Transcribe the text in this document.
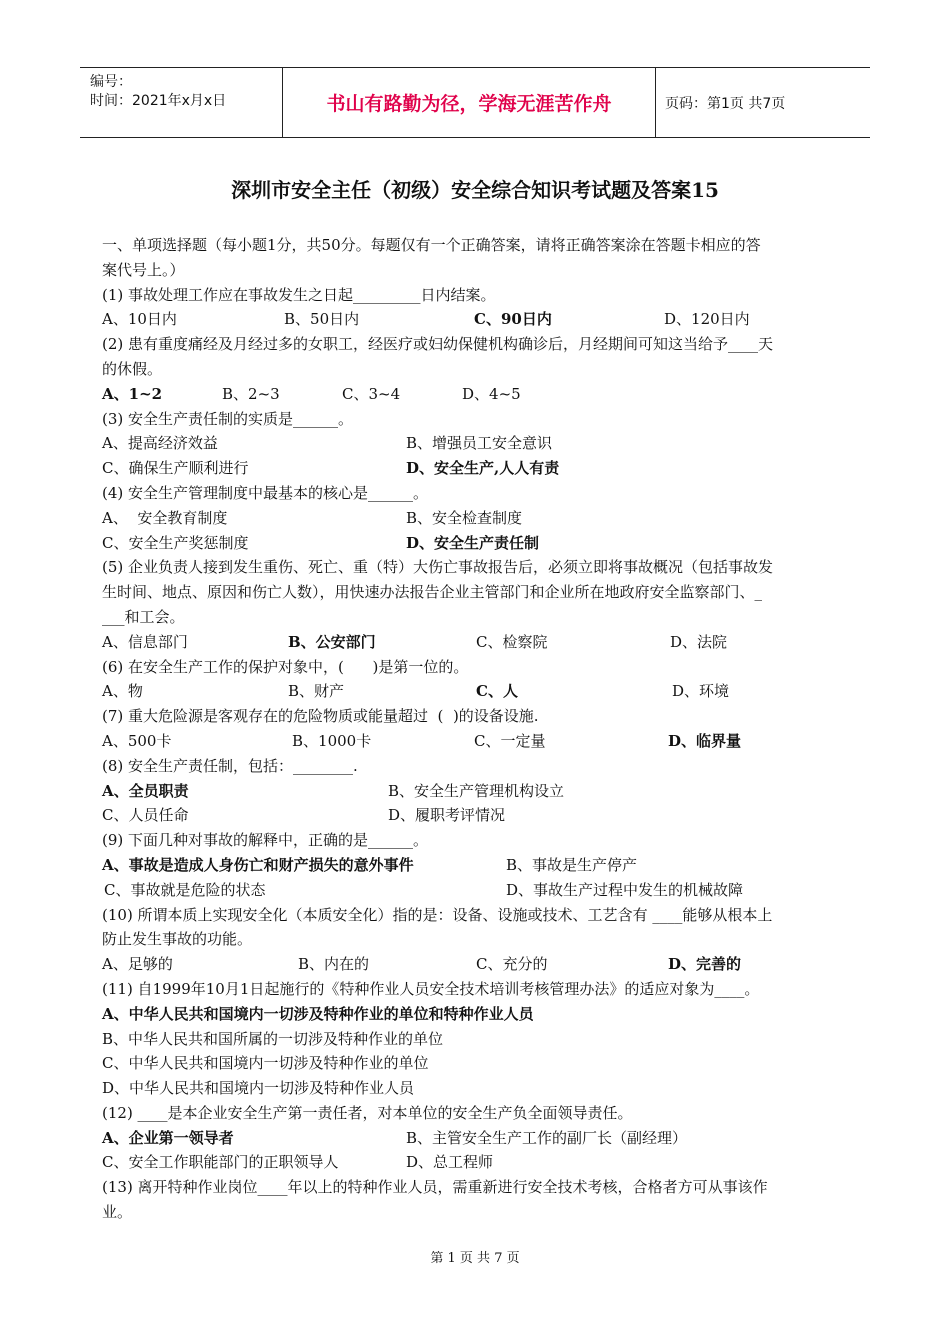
编号：
时间：2021年x月x日	书山有路勤为径，学海无涯苦作舟	页码：第1页 共7页
深圳市安全主任（初级）安全综合知识考试题及答案15
一、单项选择题（每小题1分，共50分。每题仅有一个正确答案，请将正确答案涂在答题卡相应的答
案代号上。）
(1) 事故处理工作应在事故发生之日起_________日内结案。
A、10日内	B、50日内	C、90日内	D、120日内
(2) 患有重度痛经及月经过多的女职工，经医疗或妇幼保健机构确诊后，月经期间可知这当给予____天
的休假。
A、1~2	B、2~3	C、3~4	D、4~5
(3) 安全生产责任制的实质是______。
A、提高经济效益	B、增强员工安全意识
C、确保生产顺利进行	D、安全生产,人人有责
(4) 安全生产管理制度中最基本的核心是______。
A、  安全教育制度	B、安全检查制度
C、安全生产奖惩制度	D、安全生产责任制
(5) 企业负责人接到发生重伤、死亡、重（特）大伤亡事故报告后，必须立即将事故概况（包括事故发
生时间、地点、原因和伤亡人数），用快速办法报告企业主管部门和企业所在地政府安全监察部门、_
___和工会。
A、信息部门	B、公安部门	C、检察院	D、法院
(6) 在安全生产工作的保护对象中，(      )是第一位的。
A、物	B、财产	C、人	D、环境
(7) 重大危险源是客观存在的危险物质或能量超过  (  )的设备设施.
A、500卡	B、1000卡	C、一定量	D、临界量
(8) 安全生产责任制，包括：________.
A、全员职责	B、安全生产管理机构设立
C、人员任命	D、履职考评情况
(9) 下面几种对事故的解释中，正确的是______。
A、事故是造成人身伤亡和财产损失的意外事件	B、事故是生产停产
C、事故就是危险的状态	D、事故生产过程中发生的机械故障
(10) 所谓本质上实现安全化（本质安全化）指的是：设备、设施或技术、工艺含有 ____能够从根本上
防止发生事故的功能。
A、足够的	B、内在的	C、充分的	D、完善的
(11) 自1999年10月1日起施行的《特种作业人员安全技术培训考核管理办法》的适应对象为____。
A、中华人民共和国境内一切涉及特种作业的单位和特种作业人员
B、中华人民共和国所属的一切涉及特种作业的单位
C、中华人民共和国境内一切涉及特种作业的单位
D、中华人民共和国境内一切涉及特种作业人员
(12) ____是本企业安全生产第一责任者，对本单位的安全生产负全面领导责任。
A、企业第一领导者	B、主管安全生产工作的副厂长（副经理）
C、安全工作职能部门的正职领导人	D、总工程师
(13) 离开特种作业岗位____年以上的特种作业人员，需重新进行安全技术考核，合格者方可从事该作
业。
第 1 页 共 7 页
